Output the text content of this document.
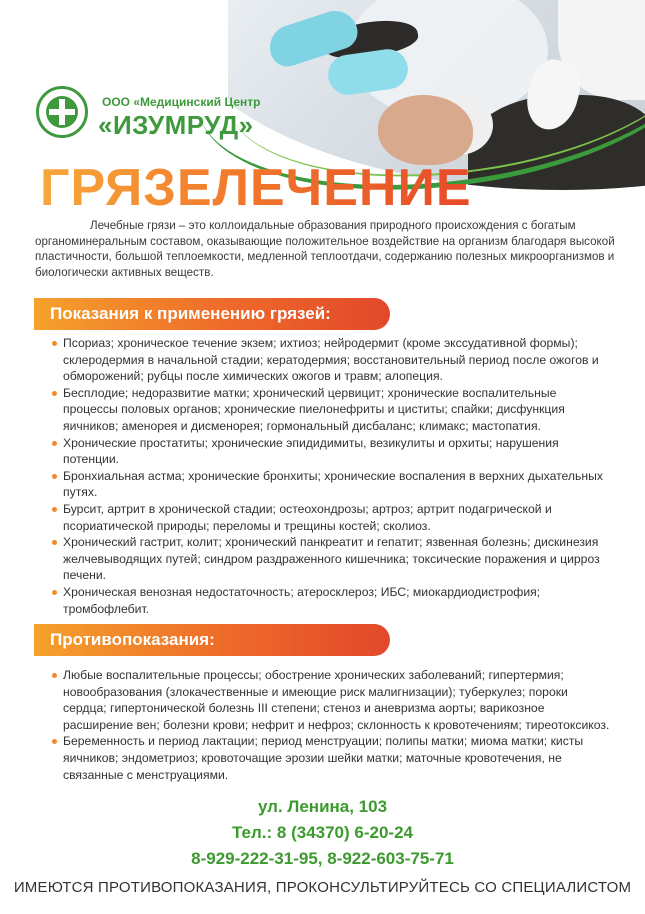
ООО «Медицинский Центр
«ИЗУМРУД»
ГРЯЗЕЛЕЧЕНИЕ
Лечебные грязи – это коллоидальные образования природного происхождения с богатым органоминеральным составом, оказывающие положительное воздействие на организм благодаря высокой пластичности, большой теплоемкости, медленной теплоотдачи, содержанию полезных микроорганизмов и биологически активных веществ.
Показания к применению грязей:
Псориаз; хроническое течение экзем; ихтиоз; нейродермит (кроме экссудативной формы); склеродермия в начальной стадии; кератодермия; восстановительный период после ожогов и обморожений; рубцы после химических ожогов и травм; алопеция.
Бесплодие; недоразвитие матки; хронический цервицит; хронические воспалительные процессы половых органов; хронические пиелонефриты и циститы; спайки; дисфункция яичников; аменорея и дисменорея; гормональный дисбаланс; климакс; мастопатия.
Хронические простатиты; хронические эпидидимиты, везикулиты и орхиты; нарушения потенции.
Бронхиальная астма; хронические бронхиты; хронические воспаления в верхних дыхательных путях.
Бурсит, артрит в хронической стадии; остеохондрозы; артроз; артрит подагрической и псориатической природы; переломы и трещины костей; сколиоз.
Хронический гастрит, колит; хронический панкреатит и гепатит; язвенная болезнь; дискинезия желчевыводящих путей; синдром раздраженного кишечника; токсические поражения и цирроз печени.
Хроническая венозная недостаточность; атеросклероз; ИБС; миокардиодистрофия; тромбофлебит.
Противопоказания:
Любые воспалительные процессы; обострение хронических заболеваний; гипертермия; новообразования (злокачественные и имеющие риск малигнизации); туберкулез; пороки сердца; гипертонической болезнь III степени; стеноз и аневризма аорты; варикозное расширение вен; болезни крови; нефрит и нефроз; склонность к кровотечениям; тиреотоксикоз.
Беременность и период лактации; период менструации; полипы матки; миома матки; кисты яичников; эндометриоз; кровоточащие эрозии шейки матки; маточные кровотечения, не связанные с менструациями.
ул. Ленина, 103
Тел.: 8 (34370) 6-20-24
8-929-222-31-95, 8-922-603-75-71
ИМЕЮТСЯ ПРОТИВОПОКАЗАНИЯ, ПРОКОНСУЛЬТИРУЙТЕСЬ СО СПЕЦИАЛИСТОМ
